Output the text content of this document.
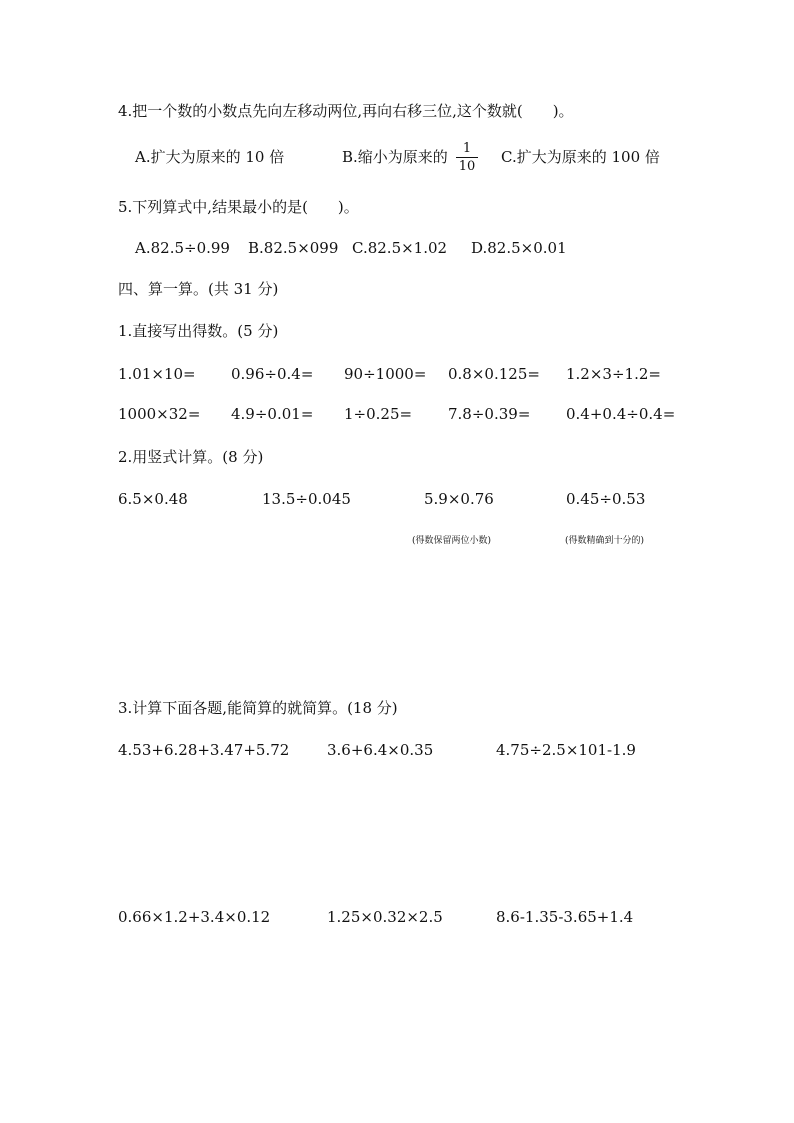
4.把一个数的小数点先向左移动两位,再向右移三位,这个数就(　　)。
A.扩大为原来的 10 倍	B.缩小为原来的	1
10
C.扩大为原来的 100 倍
5.下列算式中,结果最小的是(　　)。
A.82.5÷0.99 B.82.5×099 C.82.5×1.02 D.82.5×0.01
四、算一算。(共 31 分)
1.直接写出得数。(5 分)
1.01×10= 0.96÷0.4= 90÷1000= 0.8×0.125= 1.2×3÷1.2=
1000×32= 4.9÷0.01= 1÷0.25= 7.8÷0.39= 0.4+0.4÷0.4=
2.用竖式计算。(8 分)
6.5×0.48	13.5÷0.045	5.9×0.76	0.45÷0.53
(得数保留两位小数)	(得数精确到十分的)
3.计算下面各题,能简算的就简算。(18 分)
4.53+6.28+3.47+5.72	3.6+6.4×0.35	4.75÷2.5×101-1.9
0.66×1.2+3.4×0.12	1.25×0.32×2.5	8.6-1.35-3.65+1.4
